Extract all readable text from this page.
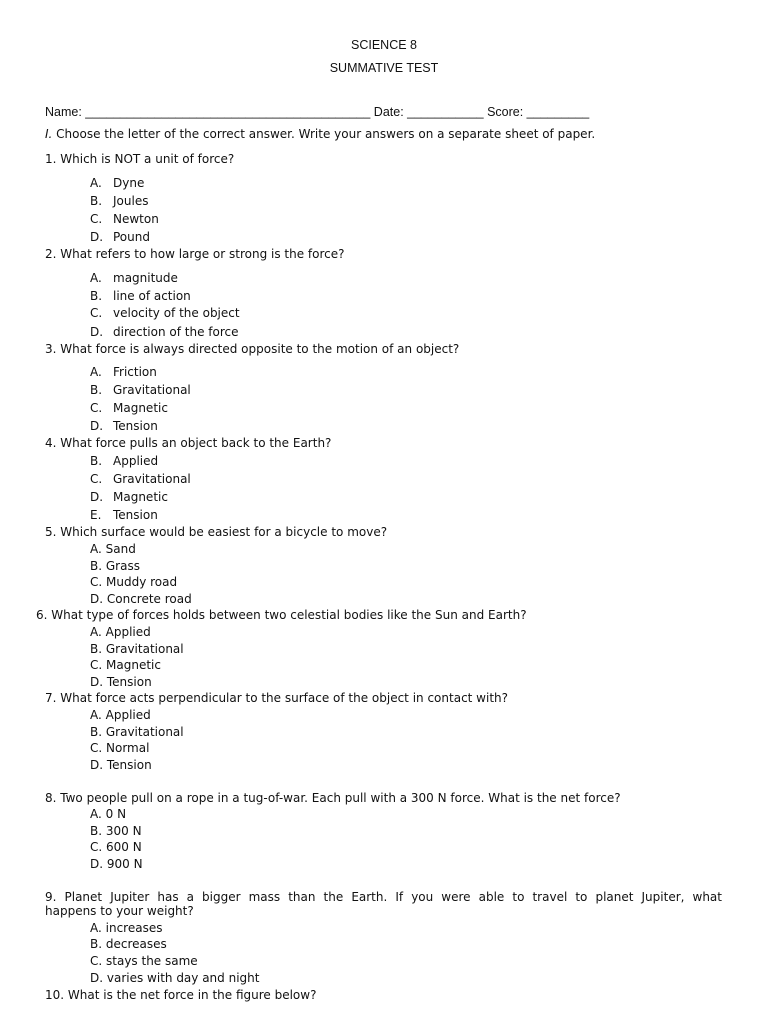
SCIENCE 8
SUMMATIVE TEST
Name: _________________________________________ Date: ___________ Score: _________
I. Choose the letter of the correct answer. Write your answers on a separate sheet of paper.
1. Which is NOT a unit of force?
A. Dyne
B. Joules
C. Newton
D. Pound
2. What refers to how large or strong is the force?
A. magnitude
B. line of action
C. velocity of the object
D. direction of the force
3. What force is always directed opposite to the motion of an object?
A. Friction
B. Gravitational
C. Magnetic
D. Tension
4. What force pulls an object back to the Earth?
B. Applied
C. Gravitational
D. Magnetic
E. Tension
5. Which surface would be easiest for a bicycle to move?
A. Sand
B. Grass
C. Muddy road
D. Concrete road
6. What type of forces holds between two celestial bodies like the Sun and Earth?
A. Applied
B. Gravitational
C. Magnetic
D. Tension
7. What force acts perpendicular to the surface of the object in contact with?
A. Applied
B. Gravitational
C. Normal
D. Tension
8. Two people pull on a rope in a tug-of-war. Each pull with a 300 N force. What is the net force?
A. 0 N
B. 300 N
C. 600 N
D. 900 N
9. Planet Jupiter has a bigger mass than the Earth. If you were able to travel to planet Jupiter, what
happens to your weight?
A. increases
B. decreases
C. stays the same
D. varies with day and night
10. What is the net force in the figure below?
